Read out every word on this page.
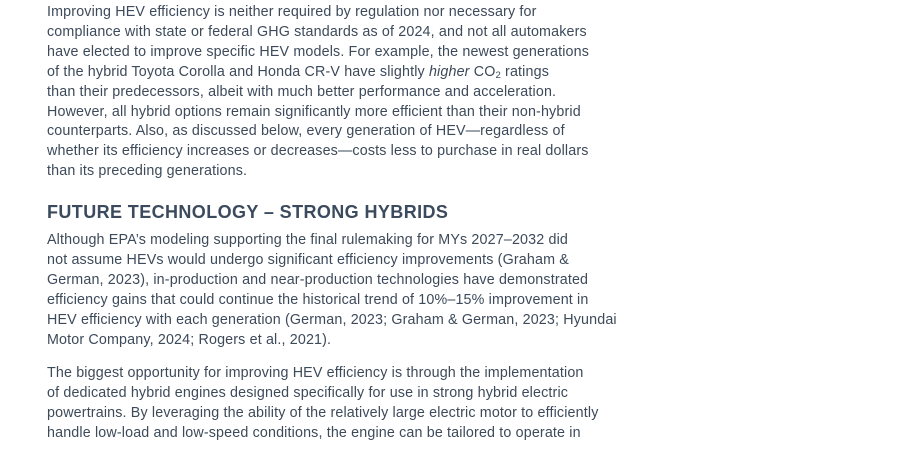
Improving HEV efficiency is neither required by regulation nor necessary for
compliance with state or federal GHG standards as of 2024, and not all automakers
have elected to improve specific HEV models. For example, the newest generations
of the hybrid Toyota Corolla and Honda CR-V have slightly higher $CO_2$ ratings
than their predecessors, albeit with much better performance and acceleration.
However, all hybrid options remain significantly more efficient than their non-hybrid
counterparts. Also, as discussed below, every generation of HEV—regardless of
whether its efficiency increases or decreases—costs less to purchase in real dollars
than its preceding generations.

FUTURE TECHNOLOGY – STRONG HYBRIDS

Although EPA’s modeling supporting the final rulemaking for MYs 2027–2032 did
not assume HEVs would undergo significant efficiency improvements (Graham &
German, 2023), in-production and near-production technologies have demonstrated
efficiency gains that could continue the historical trend of 10%–15% improvement in
HEV efficiency with each generation (German, 2023; Graham & German, 2023; Hyundai
Motor Company, 2024; Rogers et al., 2021).

The biggest opportunity for improving HEV efficiency is through the implementation
of dedicated hybrid engines designed specifically for use in strong hybrid electric
powertrains. By leveraging the ability of the relatively large electric motor to efficiently
handle low-load and low-speed conditions, the engine can be tailored to operate in
